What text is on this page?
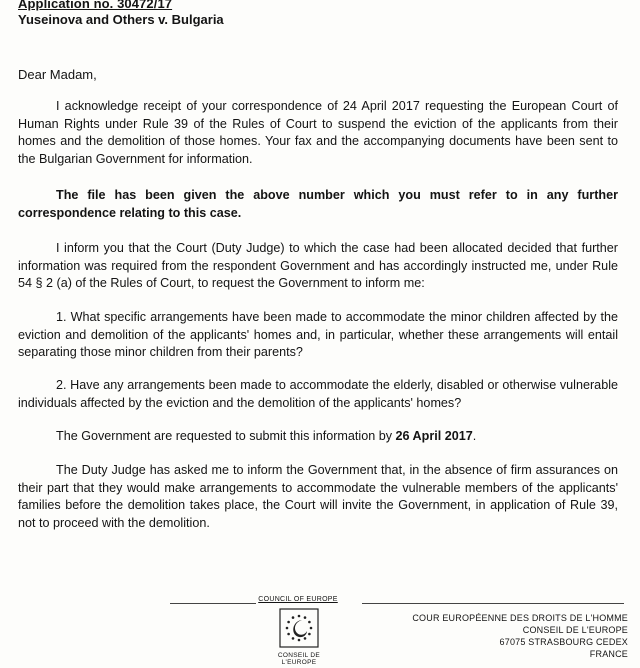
Application no. 30472/17

Yuseinova and Others v. Bulgaria

Dear Madam,

I acknowledge receipt of your correspondence of 24 April 2017 requesting the European Court of Human Rights under Rule 39 of the Rules of Court to suspend the eviction of the applicants from their homes and the demolition of those homes. Your fax and the accompanying documents have been sent to the Bulgarian Government for information.

The file has been given the above number which you must refer to in any further correspondence relating to this case.

I inform you that the Court (Duty Judge) to which the case had been allocated decided that further information was required from the respondent Government and has accordingly instructed me, under Rule 54 § 2 (a) of the Rules of Court, to request the Government to inform me:

1. What specific arrangements have been made to accommodate the minor children affected by the eviction and demolition of the applicants' homes and, in particular, whether these arrangements will entail separating those minor children from their parents?

2. Have any arrangements been made to accommodate the elderly, disabled or otherwise vulnerable individuals affected by the eviction and the demolition of the applicants' homes?

The Government are requested to submit this information by 26 April 2017.

The Duty Judge has asked me to inform the Government that, in the absence of firm assurances on their part that they would make arrangements to accommodate the vulnerable members of the applicants' families before the demolition takes place, the Court will invite the Government, in application of Rule 39, not to proceed with the demolition.

COUNCIL OF EUROPE
CONSEIL DE L'EUROPE
COUR EUROPÉENNE DES DROITS DE L'HOMME
CONSEIL DE L'EUROPE
67075 STRASBOURG CEDEX
FRANCE
